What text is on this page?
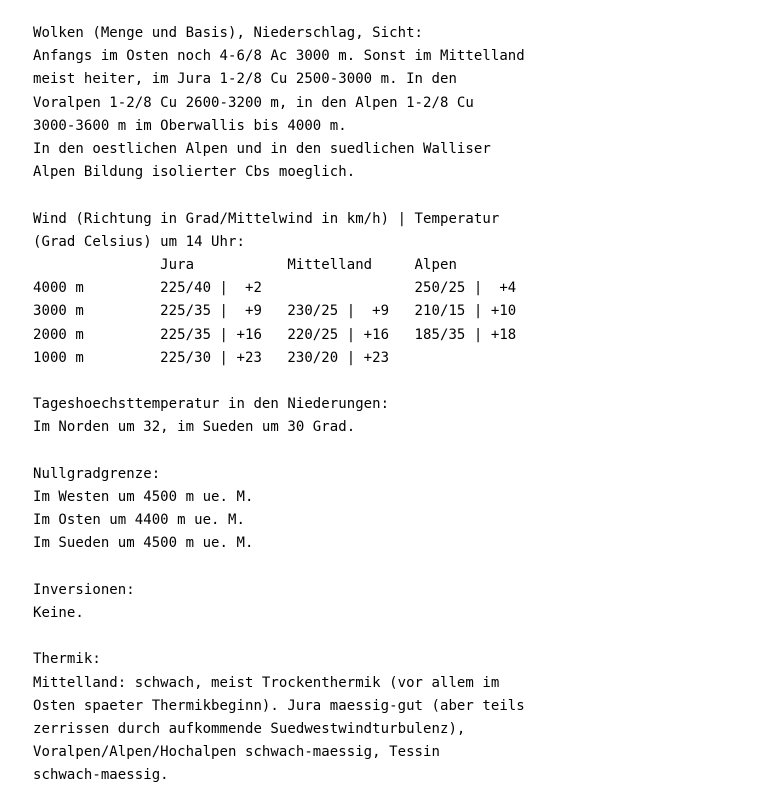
Wolken (Menge und Basis), Niederschlag, Sicht:
Anfangs im Osten noch 4-6/8 Ac 3000 m. Sonst im Mittelland
meist heiter, im Jura 1-2/8 Cu 2500-3000 m. In den
Voralpen 1-2/8 Cu 2600-3200 m, in den Alpen 1-2/8 Cu
3000-3600 m im Oberwallis bis 4000 m.
In den oestlichen Alpen und in den suedlichen Walliser
Alpen Bildung isolierter Cbs moeglich.
Wind (Richtung in Grad/Mittelwind in km/h) | Temperatur
(Grad Celsius) um 14 Uhr:
Jura           Mittelland     Alpen
4000 m         225/40 |  +2                  250/25 |  +4
3000 m         225/35 |  +9   230/25 |  +9   210/15 | +10
2000 m         225/35 | +16   220/25 | +16   185/35 | +18
1000 m         225/30 | +23   230/20 | +23
Tageshoechsttemperatur in den Niederungen:
Im Norden um 32, im Sueden um 30 Grad.
Nullgradgrenze:
Im Westen um 4500 m ue. M.
Im Osten um 4400 m ue. M.
Im Sueden um 4500 m ue. M.
Inversionen:
Keine.
Thermik:
Mittelland: schwach, meist Trockenthermik (vor allem im
Osten spaeter Thermikbeginn). Jura maessig-gut (aber teils
zerrissen durch aufkommende Suedwestwindturbulenz),
Voralpen/Alpen/Hochalpen schwach-maessig, Tessin
schwach-maessig.
